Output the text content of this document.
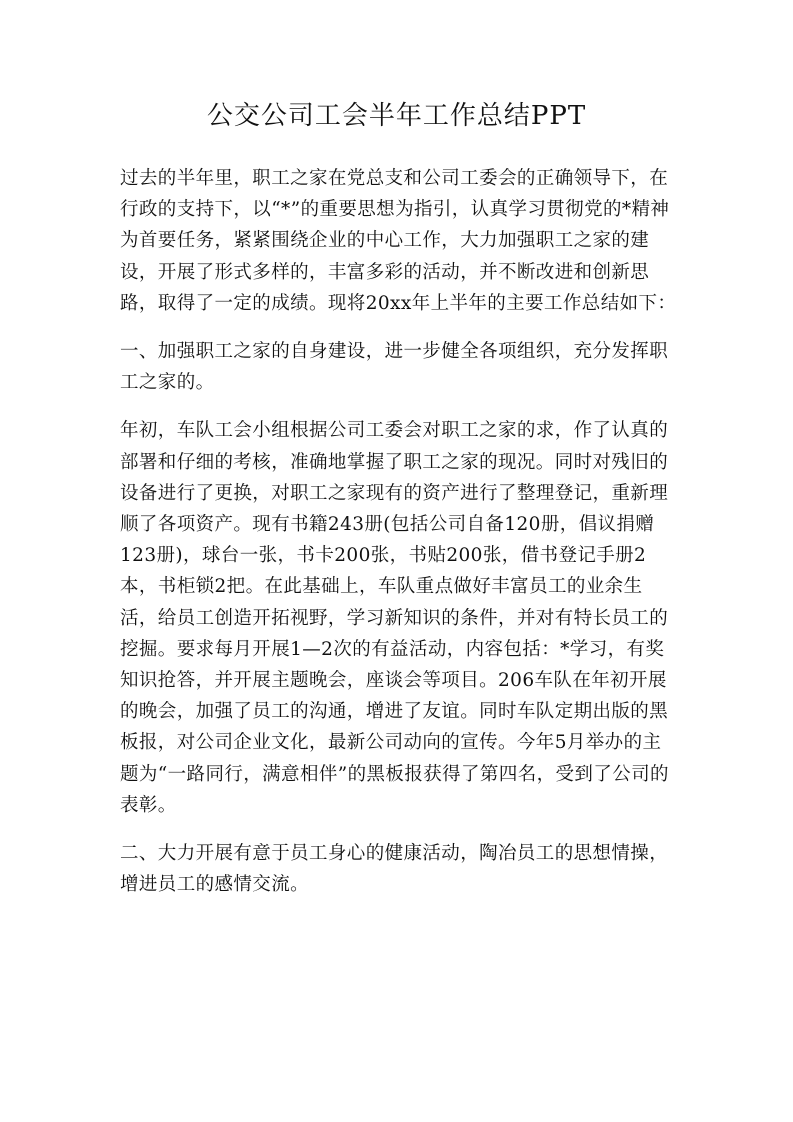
公交公司工会半年工作总结PPT

过去的半年里，职工之家在党总支和公司工委会的正确领导下，在行政的支持下，以“*”的重要思想为指引，认真学习贯彻党的*精神为首要任务，紧紧围绕企业的中心工作，大力加强职工之家的建设，开展了形式多样的，丰富多彩的活动，并不断改进和创新思路，取得了一定的成绩。现将20xx年上半年的主要工作总结如下：

一、加强职工之家的自身建设，进一步健全各项组织，充分发挥职工之家的。

年初，车队工会小组根据公司工委会对职工之家的求，作了认真的部署和仔细的考核，准确地掌握了职工之家的现况。同时对残旧的设备进行了更换，对职工之家现有的资产进行了整理登记，重新理顺了各项资产。现有书籍243册(包括公司自备120册，倡议捐赠123册)，球台一张，书卡200张，书贴200张，借书登记手册2本，书柜锁2把。在此基础上，车队重点做好丰富员工的业余生活，给员工创造开拓视野，学习新知识的条件，并对有特长员工的挖掘。要求每月开展1—2次的有益活动，内容包括：*学习，有奖知识抢答，并开展主题晚会，座谈会等项目。206车队在年初开展的晚会，加强了员工的沟通，增进了友谊。同时车队定期出版的黑板报，对公司企业文化，最新公司动向的宣传。今年5月举办的主题为“一路同行，满意相伴”的黑板报获得了第四名，受到了公司的表彰。

二、大力开展有意于员工身心的健康活动，陶冶员工的思想情操，增进员工的感情交流。
